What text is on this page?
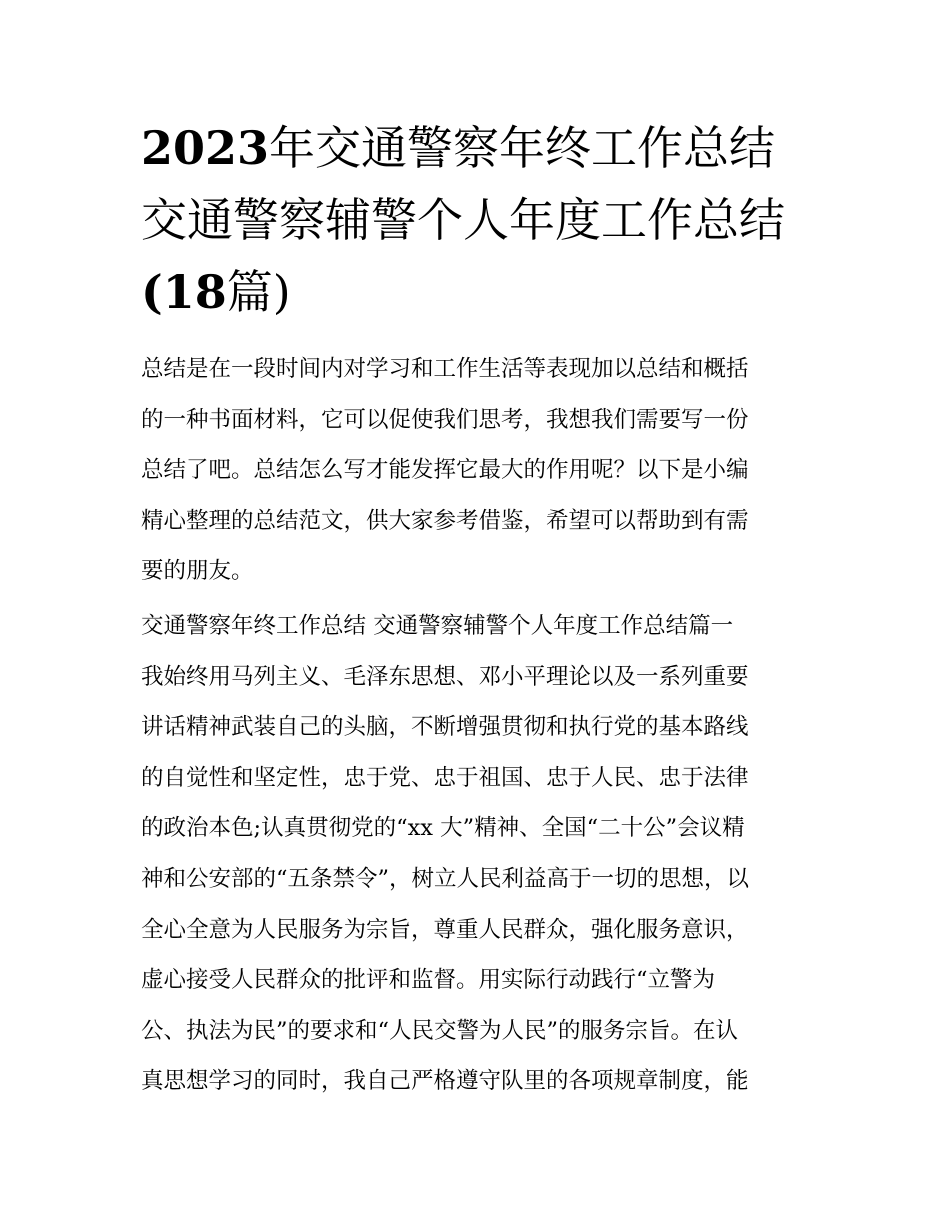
2023年交通警察年终工作总结交通警察辅警个人年度工作总结(18篇)
总结是在一段时间内对学习和工作生活等表现加以总结和概括
的一种书面材料，它可以促使我们思考，我想我们需要写一份
总结了吧。总结怎么写才能发挥它最大的作用呢？以下是小编
精心整理的总结范文，供大家参考借鉴，希望可以帮助到有需
要的朋友。
交通警察年终工作总结 交通警察辅警个人年度工作总结篇一
我始终用马列主义、毛泽东思想、邓小平理论以及一系列重要
讲话精神武装自己的头脑，不断增强贯彻和执行党的基本路线
的自觉性和坚定性，忠于党、忠于祖国、忠于人民、忠于法律
的政治本色;认真贯彻党的“xx 大”精神、全国“二十公”会议精
神和公安部的“五条禁令”，树立人民利益高于一切的思想，以
全心全意为人民服务为宗旨，尊重人民群众，强化服务意识，
虚心接受人民群众的批评和监督。用实际行动践行“立警为
公、执法为民”的要求和“人民交警为人民”的服务宗旨。在认
真思想学习的同时，我自己严格遵守队里的各项规章制度，能
